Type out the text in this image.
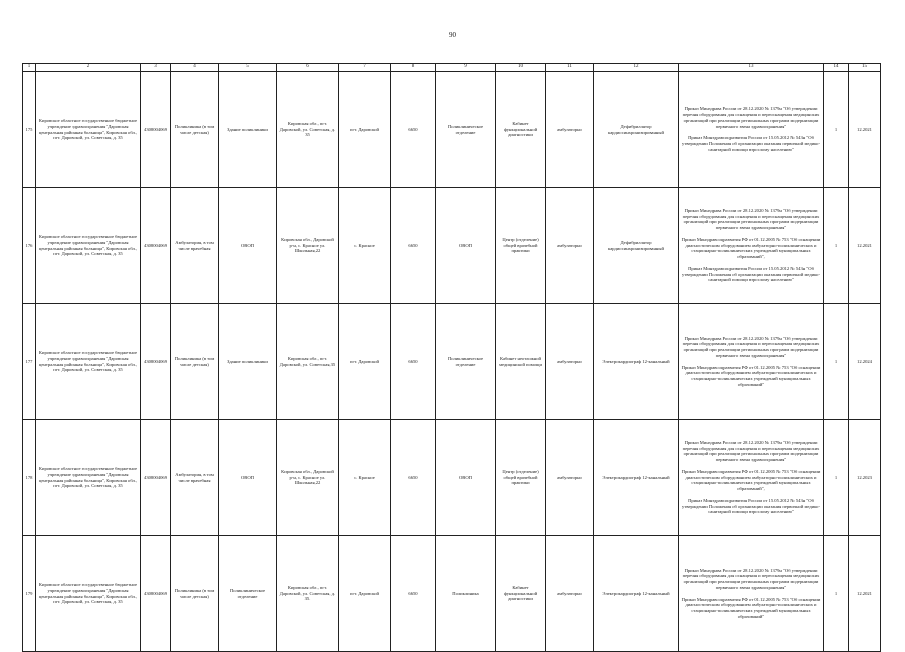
90
1	2	3	4	5	6	7	8	9	10	11	12	13	14	15
175	Кировское областное государственное бюджетное учреждение здравоохранения "Даровская центральная районная больница", Кировская обл., пгт. Даровской, ул. Советская, д. 35	4308004069	Поликлиника (в том числе детская)	Здание поликлиники	Кировская обл., пгт. Даровской, ул. Советская, д. 35	пгт. Даровской	6650	Поликлиническое отделение	Кабинет функциональной диагностики	амбулаторно	Дефибриллятор кардиосинхронизированный	Приказ Минздрава России от 28.12.2020 № 1379н "Об утверждении перечня оборудования для оснащения и переоснащения медицинских организаций при реализации региональных программ модернизации первичного звена здравоохранения"

Приказ Минздравсоцразвития России от 15.05.2012 № 543н "Об утверждении Положения об организации оказания первичной медико-санитарной помощи взрослому населению"	1	12.2021
176	Кировское областное государственное бюджетное учреждение здравоохранения "Даровская центральная районная больница", Кировская обл., пгт. Даровской, ул. Советская, д. 35	4308004069	Амбулатория, в том числе врачебная	ОВОП	Кировская обл., Даровской р-н, с. Красное ул. Школьная,22	с. Красное	6650	ОВОП	Центр (отделение) общей врачебной практики	амбулаторно	Дефибриллятор кардиосинхронизированный	Приказ Минздрава России от 28.12.2020 № 1379н "Об утверждении перечня оборудования для оснащения и переоснащения медицинских организаций при реализации региональных программ модернизации первичного звена здравоохранения"

Приказ Минздравсоцразвития РФ от 01.12.2005 № 753 "Об оснащении диагностическим оборудованием амбулаторно-поликлинических и стационарно-поликлинических учреждений муниципальных образований",

Приказ Минздравсоцразвития России от 15.05.2012 № 543н "Об утверждении Положения об организации оказания первичной медико-санитарной помощи взрослому населению"	1	12.2021
177	Кировское областное государственное бюджетное учреждение здравоохранения "Даровская центральная районная больница", Кировская обл., пгт. Даровской, ул. Советская, д. 35	4308004069	Поликлиника (в том числе детская)	Здание поликлиники	Кировская обл., пгт. Даровской, ул. Советская,35	пгт. Даровской	6650	Поликлиническое отделение	Кабинет неотложной медицинской помощи	амбулаторно	Электрокардиограф 12-канальный	Приказ Минздрава России от 28.12.2020 № 1379н "Об утверждении перечня оборудования для оснащения и переоснащения медицинских организаций при реализации региональных программ модернизации первичного звена здравоохранения"

Приказ Минздравсоцразвития РФ от 01.12.2005 № 753 "Об оснащении диагностическим оборудованием амбулаторно-поликлинических и стационарно-поликлинических учреждений муниципальных образований"	1	12.2024
178	Кировское областное государственное бюджетное учреждение здравоохранения "Даровская центральная районная больница", Кировская обл., пгт. Даровской, ул. Советская, д. 35	4308004069	Амбулатория, в том числе врачебная	ОВОП	Кировская обл., Даровской р-н, с. Красное ул. Школьная,22	с. Красное	6650	ОВОП	Центр (отделение) общей врачебной практики	амбулаторно	Электрокардиограф 12-канальный	Приказ Минздрава России от 28.12.2020 № 1379н "Об утверждении перечня оборудования для оснащения и переоснащения медицинских организаций при реализации региональных программ модернизации первичного звена здравоохранения"

Приказ Минздравсоцразвития РФ от 01.12.2005 № 753 "Об оснащении диагностическим оборудованием амбулаторно-поликлинических и стационарно-поликлинических учреждений муниципальных образований",

Приказ Минздравсоцразвития России от 15.05.2012 № 543н "Об утверждении Положения об организации оказания первичной медико-санитарной помощи взрослому населению"	1	12.2023
179	Кировское областное государственное бюджетное учреждение здравоохранения "Даровская центральная районная больница", Кировская обл., пгт. Даровской, ул. Советская, д. 35	4308004069	Поликлиника (в том числе детская)	Поликлиническое отделение	Кировская обл., пгт. Даровской, ул. Советская, д. 35.	пгт. Даровской	6650	Поликлиника	Кабинет функциональной диагностики	амбулаторно	Электрокардиограф 12-канальный	Приказ Минздрава России от 28.12.2020 № 1379н "Об утверждении перечня оборудования для оснащения и переоснащения медицинских организаций при реализации региональных программ модернизации первичного звена здравоохранения"

Приказ Минздравсоцразвития РФ от 01.12.2005 № 753 "Об оснащении диагностическим оборудованием амбулаторно-поликлинических и стационарно-поликлинических учреждений муниципальных образований"	1	12.2021
